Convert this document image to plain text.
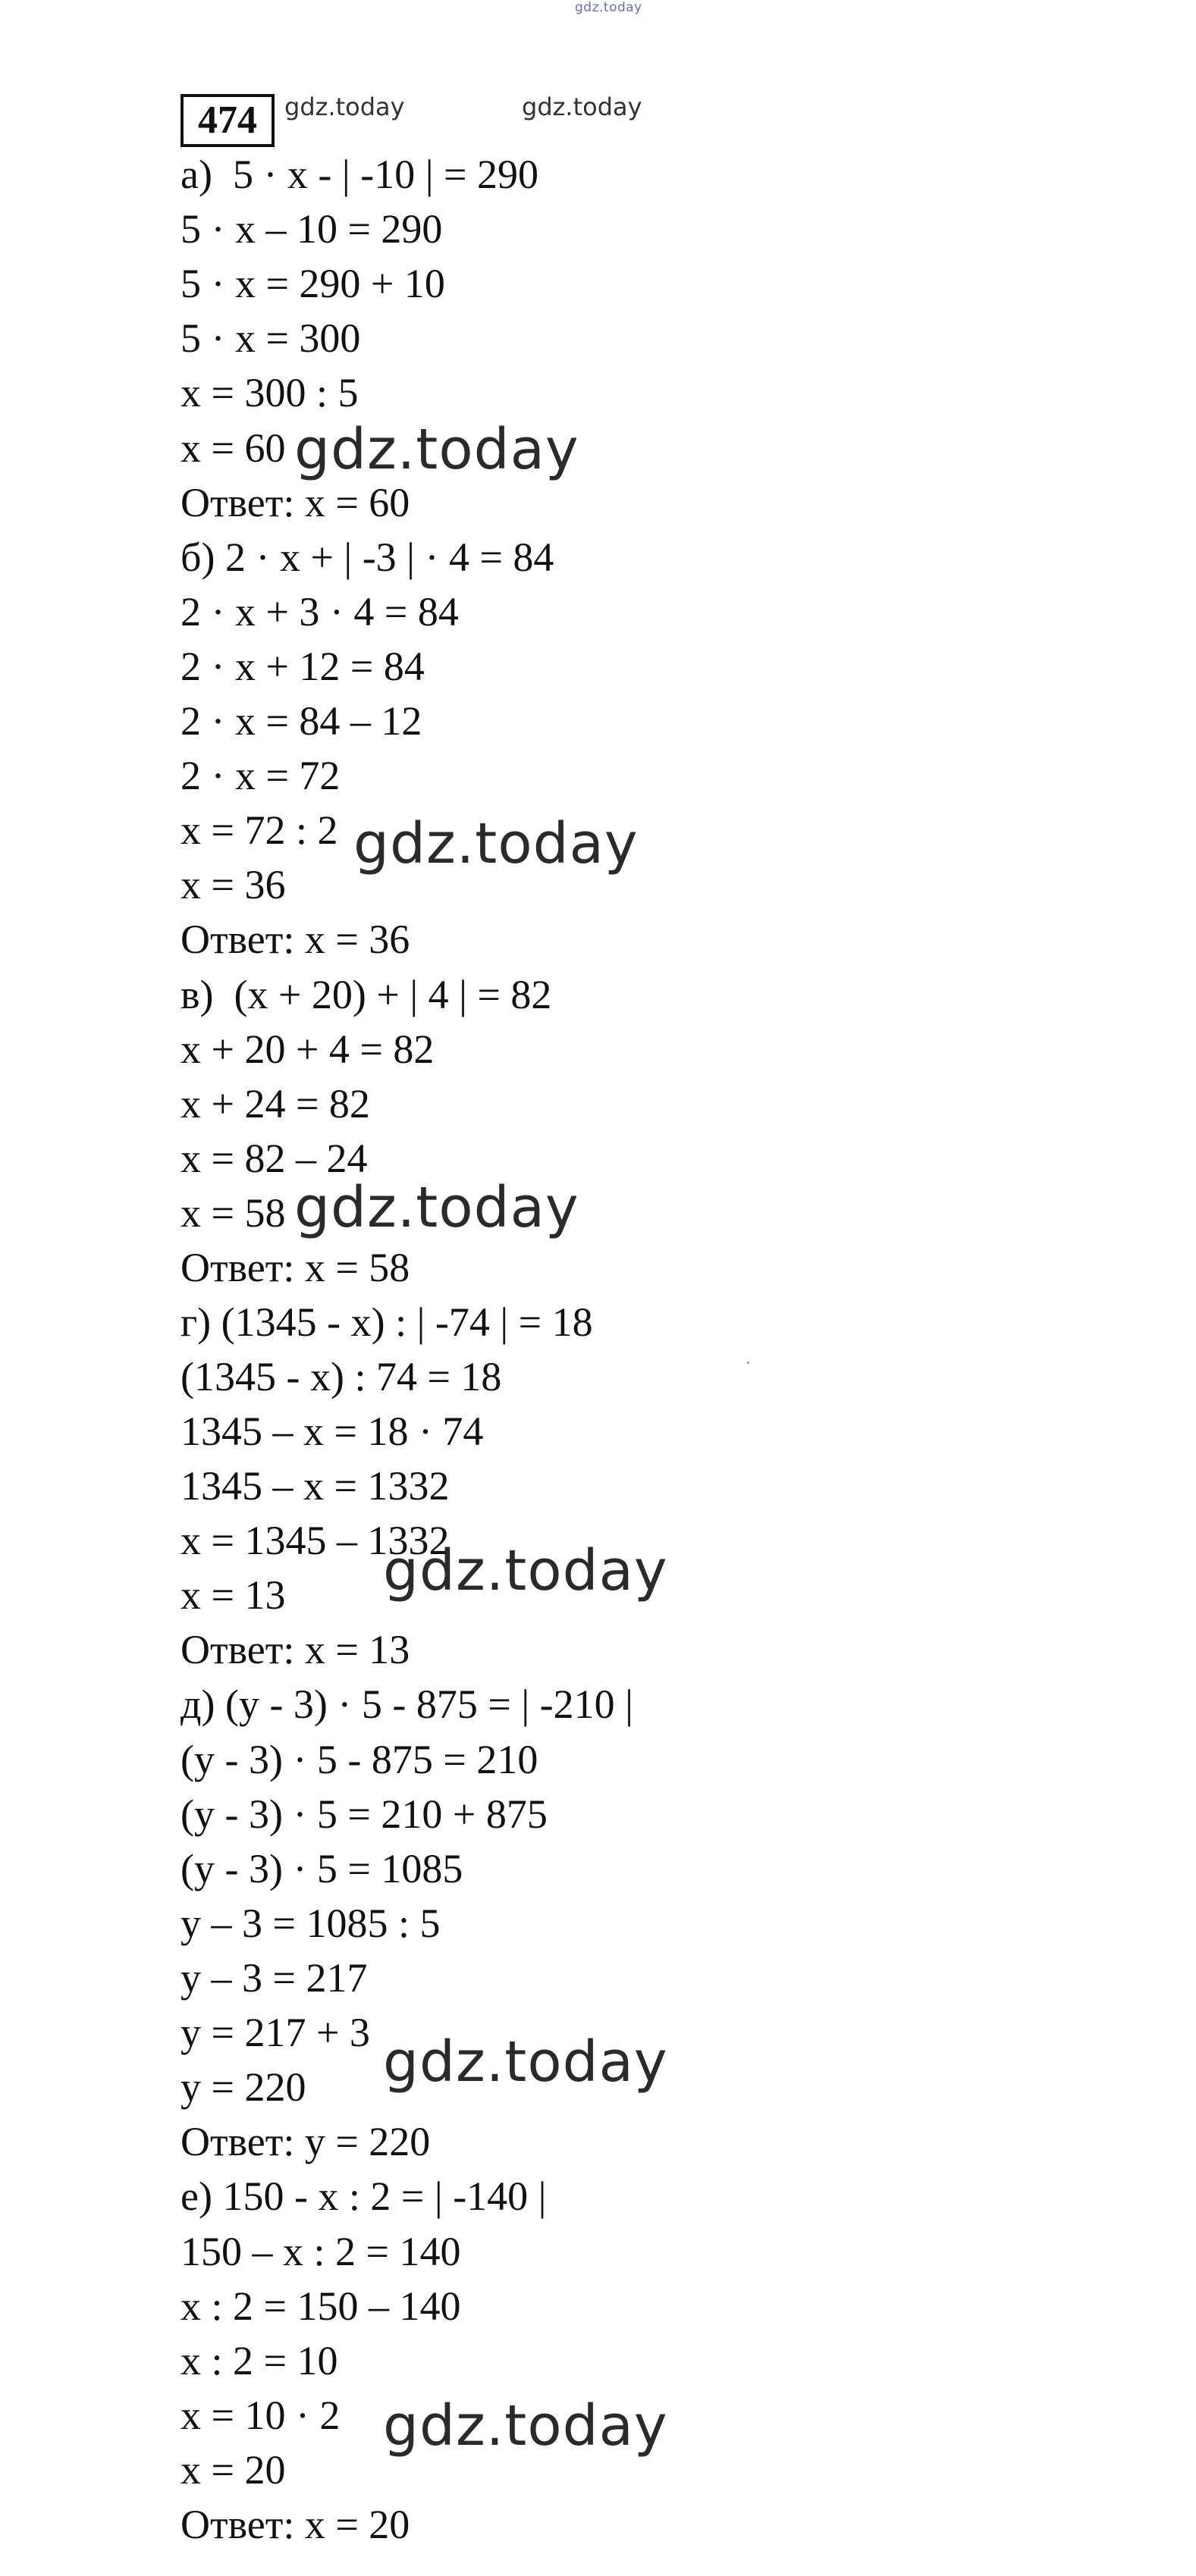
gdz.today
474	gdz.today	gdz.today
а)  5 · x - | -10 | = 290
5 · x – 10 = 290
5 · x = 290 + 10
5 · x = 300
x = 300 : 5
x = 60
Ответ: x = 60
б) 2 · x + | -3 | · 4 = 84
2 · x + 3 · 4 = 84
2 · x + 12 = 84
2 · x = 84 – 12
2 · x = 72
x = 72 : 2
x = 36
Ответ: x = 36
в)  (x + 20) + | 4 | = 82
x + 20 + 4 = 82
x + 24 = 82
x = 82 – 24
x = 58
Ответ: x = 58
г) (1345 - x) : | -74 | = 18
(1345 - x) : 74 = 18
1345 – x = 18 · 74
1345 – x = 1332
x = 1345 – 1332
x = 13
Ответ: x = 13
д) (y - 3) · 5 - 875 = | -210 |
(y - 3) · 5 - 875 = 210
(y - 3) · 5 = 210 + 875
(y - 3) · 5 = 1085
y – 3 = 1085 : 5
y – 3 = 217
y = 217 + 3
y = 220
Ответ: y = 220
е) 150 - x : 2 = | -140 |
150 – x : 2 = 140
x : 2 = 150 – 140
x : 2 = 10
x = 10 · 2
x = 20
Ответ: x = 20
gdz.today
gdz.today
gdz.today
gdz.today
gdz.today
gdz.today
